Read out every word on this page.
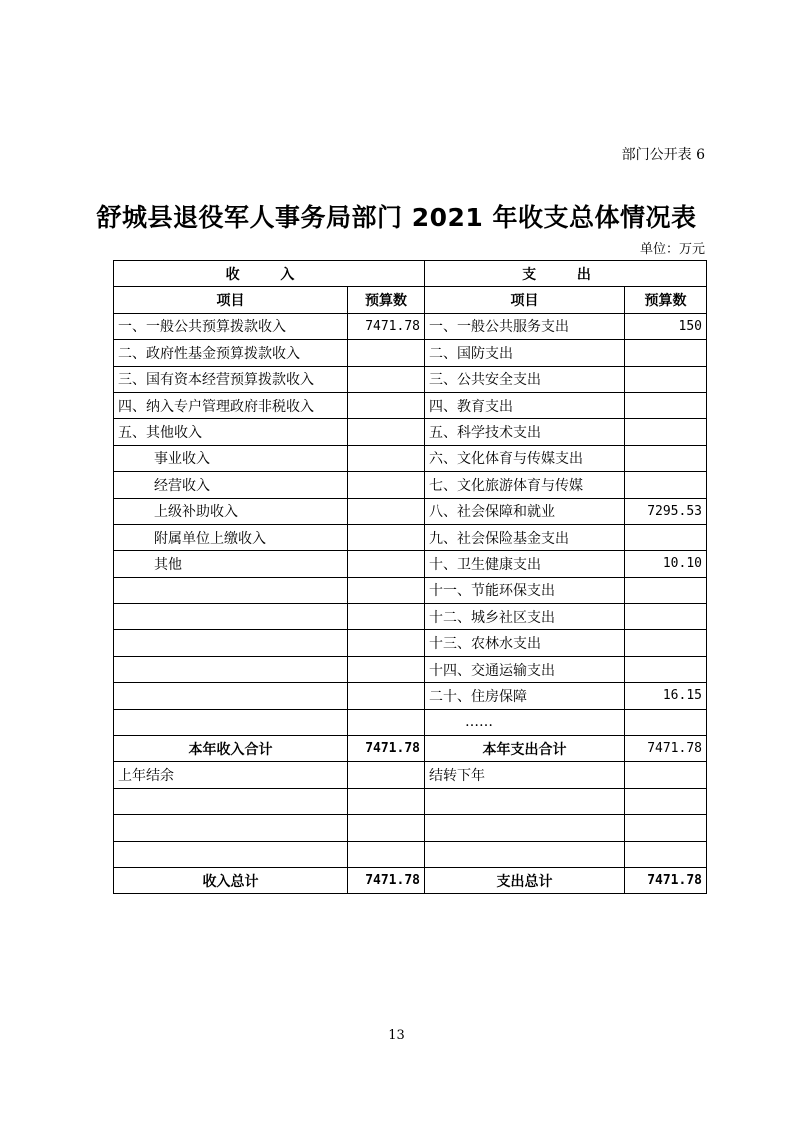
部门公开表 6
舒城县退役军人事务局部门 2021 年收支总体情况表
单位：万元
收 入		支 出	
项目	预算数	项目	预算数
一、一般公共预算拨款收入	7471.78	一、一般公共服务支出	150
二、政府性基金预算拨款收入		二、国防支出	
三、国有资本经营预算拨款收入		三、公共安全支出	
四、纳入专户管理政府非税收入		四、教育支出	
五、其他收入		五、科学技术支出	
事业收入		六、文化体育与传媒支出	
经营收入		七、文化旅游体育与传媒	
上级补助收入		八、社会保障和就业	7295.53
附属单位上缴收入		九、社会保险基金支出	
其他		十、卫生健康支出	10.10
		十一、节能环保支出	
		十二、城乡社区支出	
		十三、农林水支出	
		十四、交通运输支出	
		二十、住房保障	16.15
		……	
本年收入合计	7471.78	本年支出合计	7471.78
上年结余		结转下年	

收入总计	7471.78	支出总计	7471.78
13
